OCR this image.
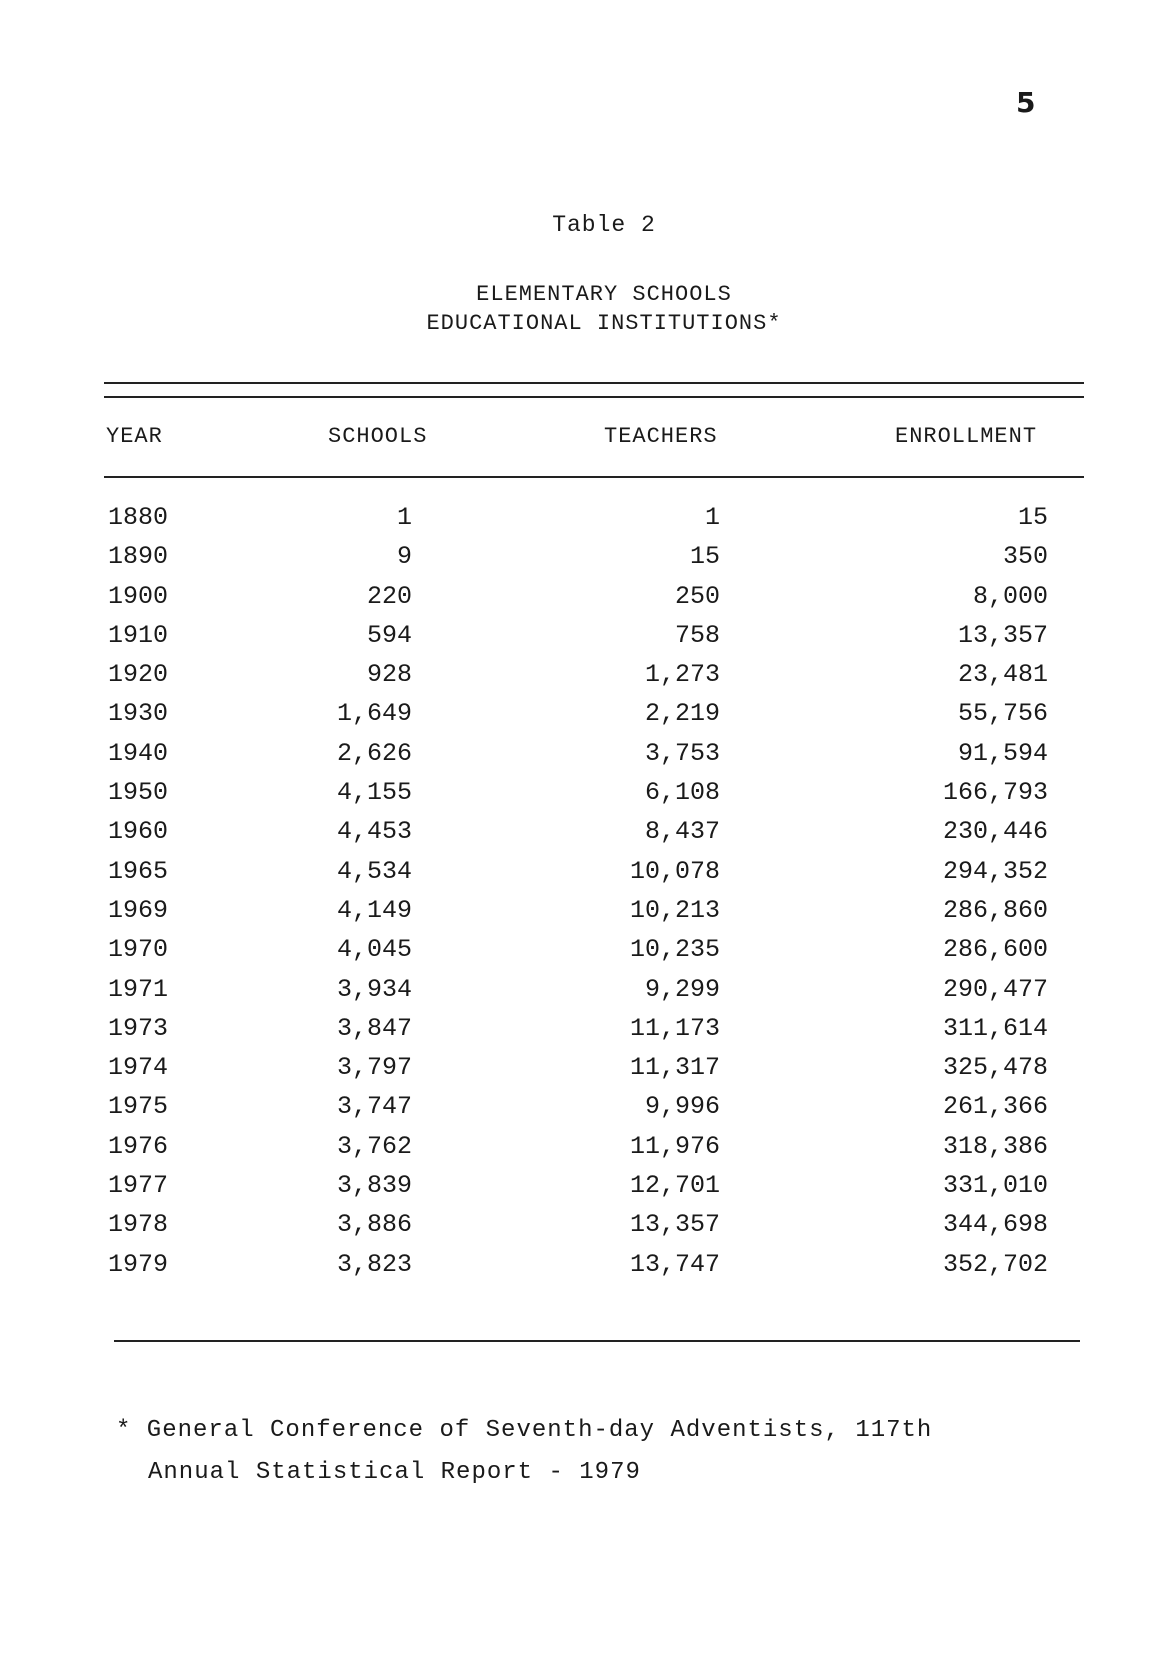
5
Table 2
ELEMENTARY SCHOOLS
EDUCATIONAL INSTITUTIONS*
YEAR	SCHOOLS	TEACHERS	ENROLLMENT
1880	1	1	15
1890	9	15	350
1900	220	250	8,000
1910	594	758	13,357
1920	928	1,273	23,481
1930	1,649	2,219	55,756
1940	2,626	3,753	91,594
1950	4,155	6,108	166,793
1960	4,453	8,437	230,446
1965	4,534	10,078	294,352
1969	4,149	10,213	286,860
1970	4,045	10,235	286,600
1971	3,934	9,299	290,477
1973	3,847	11,173	311,614
1974	3,797	11,317	325,478
1975	3,747	9,996	261,366
1976	3,762	11,976	318,386
1977	3,839	12,701	331,010
1978	3,886	13,357	344,698
1979	3,823	13,747	352,702
* General Conference of Seventh-day Adventists, 117th
Annual Statistical Report - 1979
